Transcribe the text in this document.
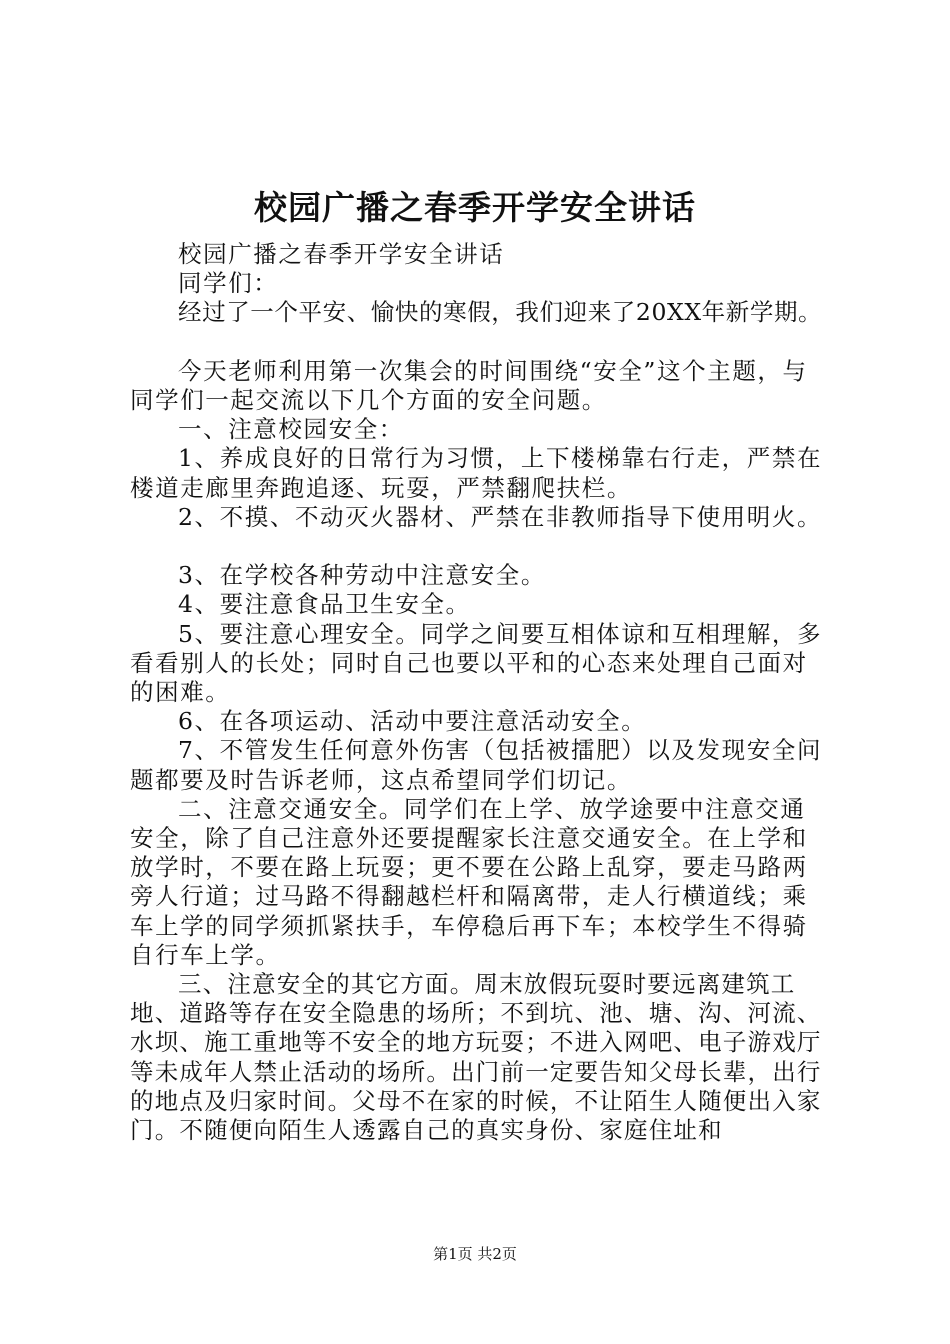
校园广播之春季开学安全讲话

校园广播之春季开学安全讲话

同学们：

经过了一个平安、愉快的寒假，我们迎来了20XX年新学期。

今天老师利用第一次集会的时间围绕“安全”这个主题，与同学们一起交流以下几个方面的安全问题。

一、注意校园安全：

1、养成良好的日常行为习惯，上下楼梯靠右行走，严禁在楼道走廊里奔跑追逐、玩耍，严禁翻爬扶栏。

2、不摸、不动灭火器材、严禁在非教师指导下使用明火。

3、在学校各种劳动中注意安全。

4、要注意食品卫生安全。

5、要注意心理安全。同学之间要互相体谅和互相理解，多看看别人的长处；同时自己也要以平和的心态来处理自己面对的困难。

6、在各项运动、活动中要注意活动安全。

7、不管发生任何意外伤害（包括被擂肥）以及发现安全问题都要及时告诉老师，这点希望同学们切记。

二、注意交通安全。同学们在上学、放学途要中注意交通安全，除了自己注意外还要提醒家长注意交通安全。在上学和放学时，不要在路上玩耍；更不要在公路上乱穿，要走马路两旁人行道；过马路不得翻越栏杆和隔离带，走人行横道线；乘车上学的同学须抓紧扶手，车停稳后再下车；本校学生不得骑自行车上学。

三、注意安全的其它方面。周末放假玩耍时要远离建筑工地、道路等存在安全隐患的场所；不到坑、池、塘、沟、河流、水坝、施工重地等不安全的地方玩耍；不进入网吧、电子游戏厅等未成年人禁止活动的场所。出门前一定要告知父母长辈，出行的地点及归家时间。父母不在家的时候，不让陌生人随便出入家门。不随便向陌生人透露自己的真实身份、家庭住址和

第1页 共2页
